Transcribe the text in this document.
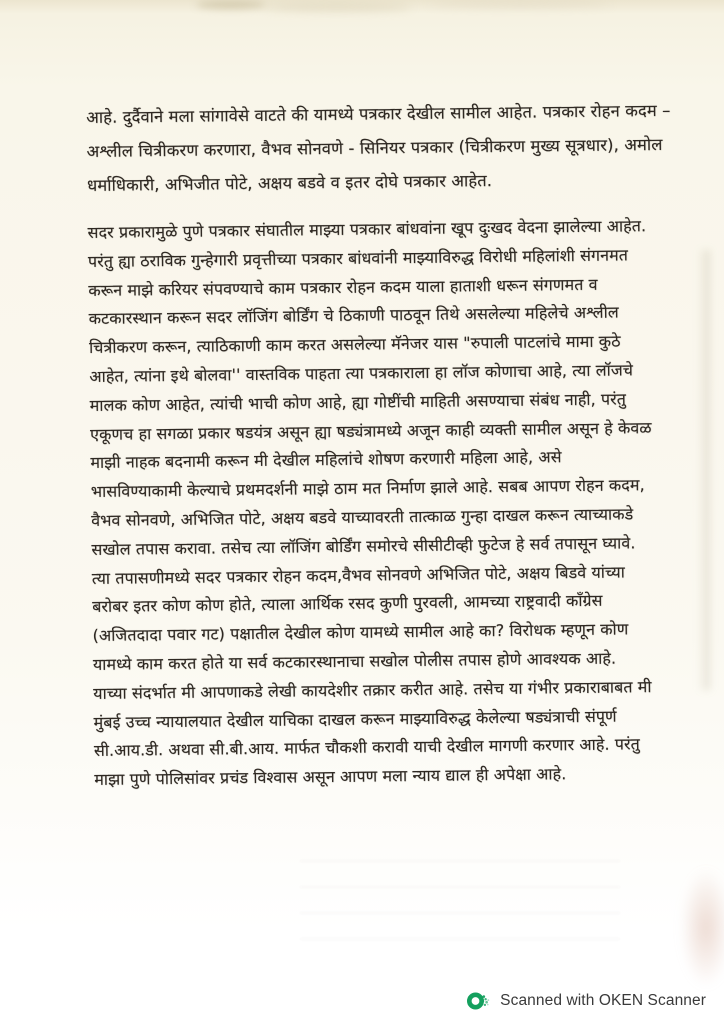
आहे. दुर्दैवाने मला सांगावेसे वाटते की यामध्ये पत्रकार देखील सामील आहेत. पत्रकार रोहन कदम –
अश्लील चित्रीकरण करणारा, वैभव सोनवणे - सिनियर पत्रकार (चित्रीकरण मुख्य सूत्रधार), अमोल
धर्माधिकारी, अभिजीत पोटे, अक्षय बडवे व इतर दोघे पत्रकार आहेत.
सदर प्रकारामुळे पुणे पत्रकार संघातील माझ्या पत्रकार बांधवांना खूप दुःखद वेदना झालेल्या आहेत.
परंतु ह्या ठराविक गुन्हेगारी प्रवृत्तीच्या पत्रकार बांधवांनी माझ्याविरुद्ध विरोधी महिलांशी संगनमत
करून माझे करियर संपवण्याचे काम पत्रकार रोहन कदम याला हाताशी धरून संगणमत व
कटकारस्थान करून सदर लॉजिंग बोर्डिंग चे ठिकाणी पाठवून तिथे असलेल्या महिलेचे अश्लील
चित्रीकरण करून, त्याठिकाणी काम करत असलेल्या मॅनेजर यास "रुपाली पाटलांचे मामा कुठे
आहेत, त्यांना इथे बोलवा'' वास्तविक पाहता त्या पत्रकाराला हा लॉज कोणाचा आहे, त्या लॉजचे
मालक कोण आहेत, त्यांची भाची कोण आहे, ह्या गोष्टींची माहिती असण्याचा संबंध नाही, परंतु
एकूणच हा सगळा प्रकार षडयंत्र असून ह्या षड्यंत्रामध्ये अजून काही व्यक्ती सामील असून हे केवळ
माझी नाहक बदनामी करून मी देखील महिलांचे शोषण करणारी महिला आहे, असे
भासविण्याकामी केल्याचे प्रथमदर्शनी माझे ठाम मत निर्माण झाले आहे. सबब आपण रोहन कदम,
वैभव सोनवणे, अभिजित पोटे, अक्षय बडवे याच्यावरती तात्काळ गुन्हा दाखल करून त्याच्याकडे
सखोल तपास करावा. तसेच त्या लॉजिंग बोर्डिंग समोरचे सीसीटीव्ही फुटेज हे सर्व तपासून घ्यावे.
त्या तपासणीमध्ये सदर पत्रकार रोहन कदम,वैभव सोनवणे अभिजित पोटे, अक्षय बिडवे यांच्या
बरोबर इतर कोण कोण होते, त्याला आर्थिक रसद कुणी पुरवली, आमच्या राष्ट्रवादी काँग्रेस
(अजितदादा पवार गट) पक्षातील देखील कोण यामध्ये सामील आहे का? विरोधक म्हणून कोण
यामध्ये काम करत होते या सर्व कटकारस्थानाचा सखोल पोलीस तपास होणे आवश्यक आहे.
याच्या संदर्भात मी आपणाकडे लेखी कायदेशीर तक्रार करीत आहे. तसेच या गंभीर प्रकाराबाबत मी
मुंबई उच्च न्यायालयात देखील याचिका दाखल करून माझ्याविरुद्ध केलेल्या षड्यंत्राची संपूर्ण
सी.आय.डी. अथवा सी.बी.आय. मार्फत चौकशी करावी याची देखील मागणी करणार आहे. परंतु
माझा पुणे पोलिसांवर प्रचंड विश्वास असून आपण मला न्याय द्याल ही अपेक्षा आहे.
Scanned with OKEN Scanner
